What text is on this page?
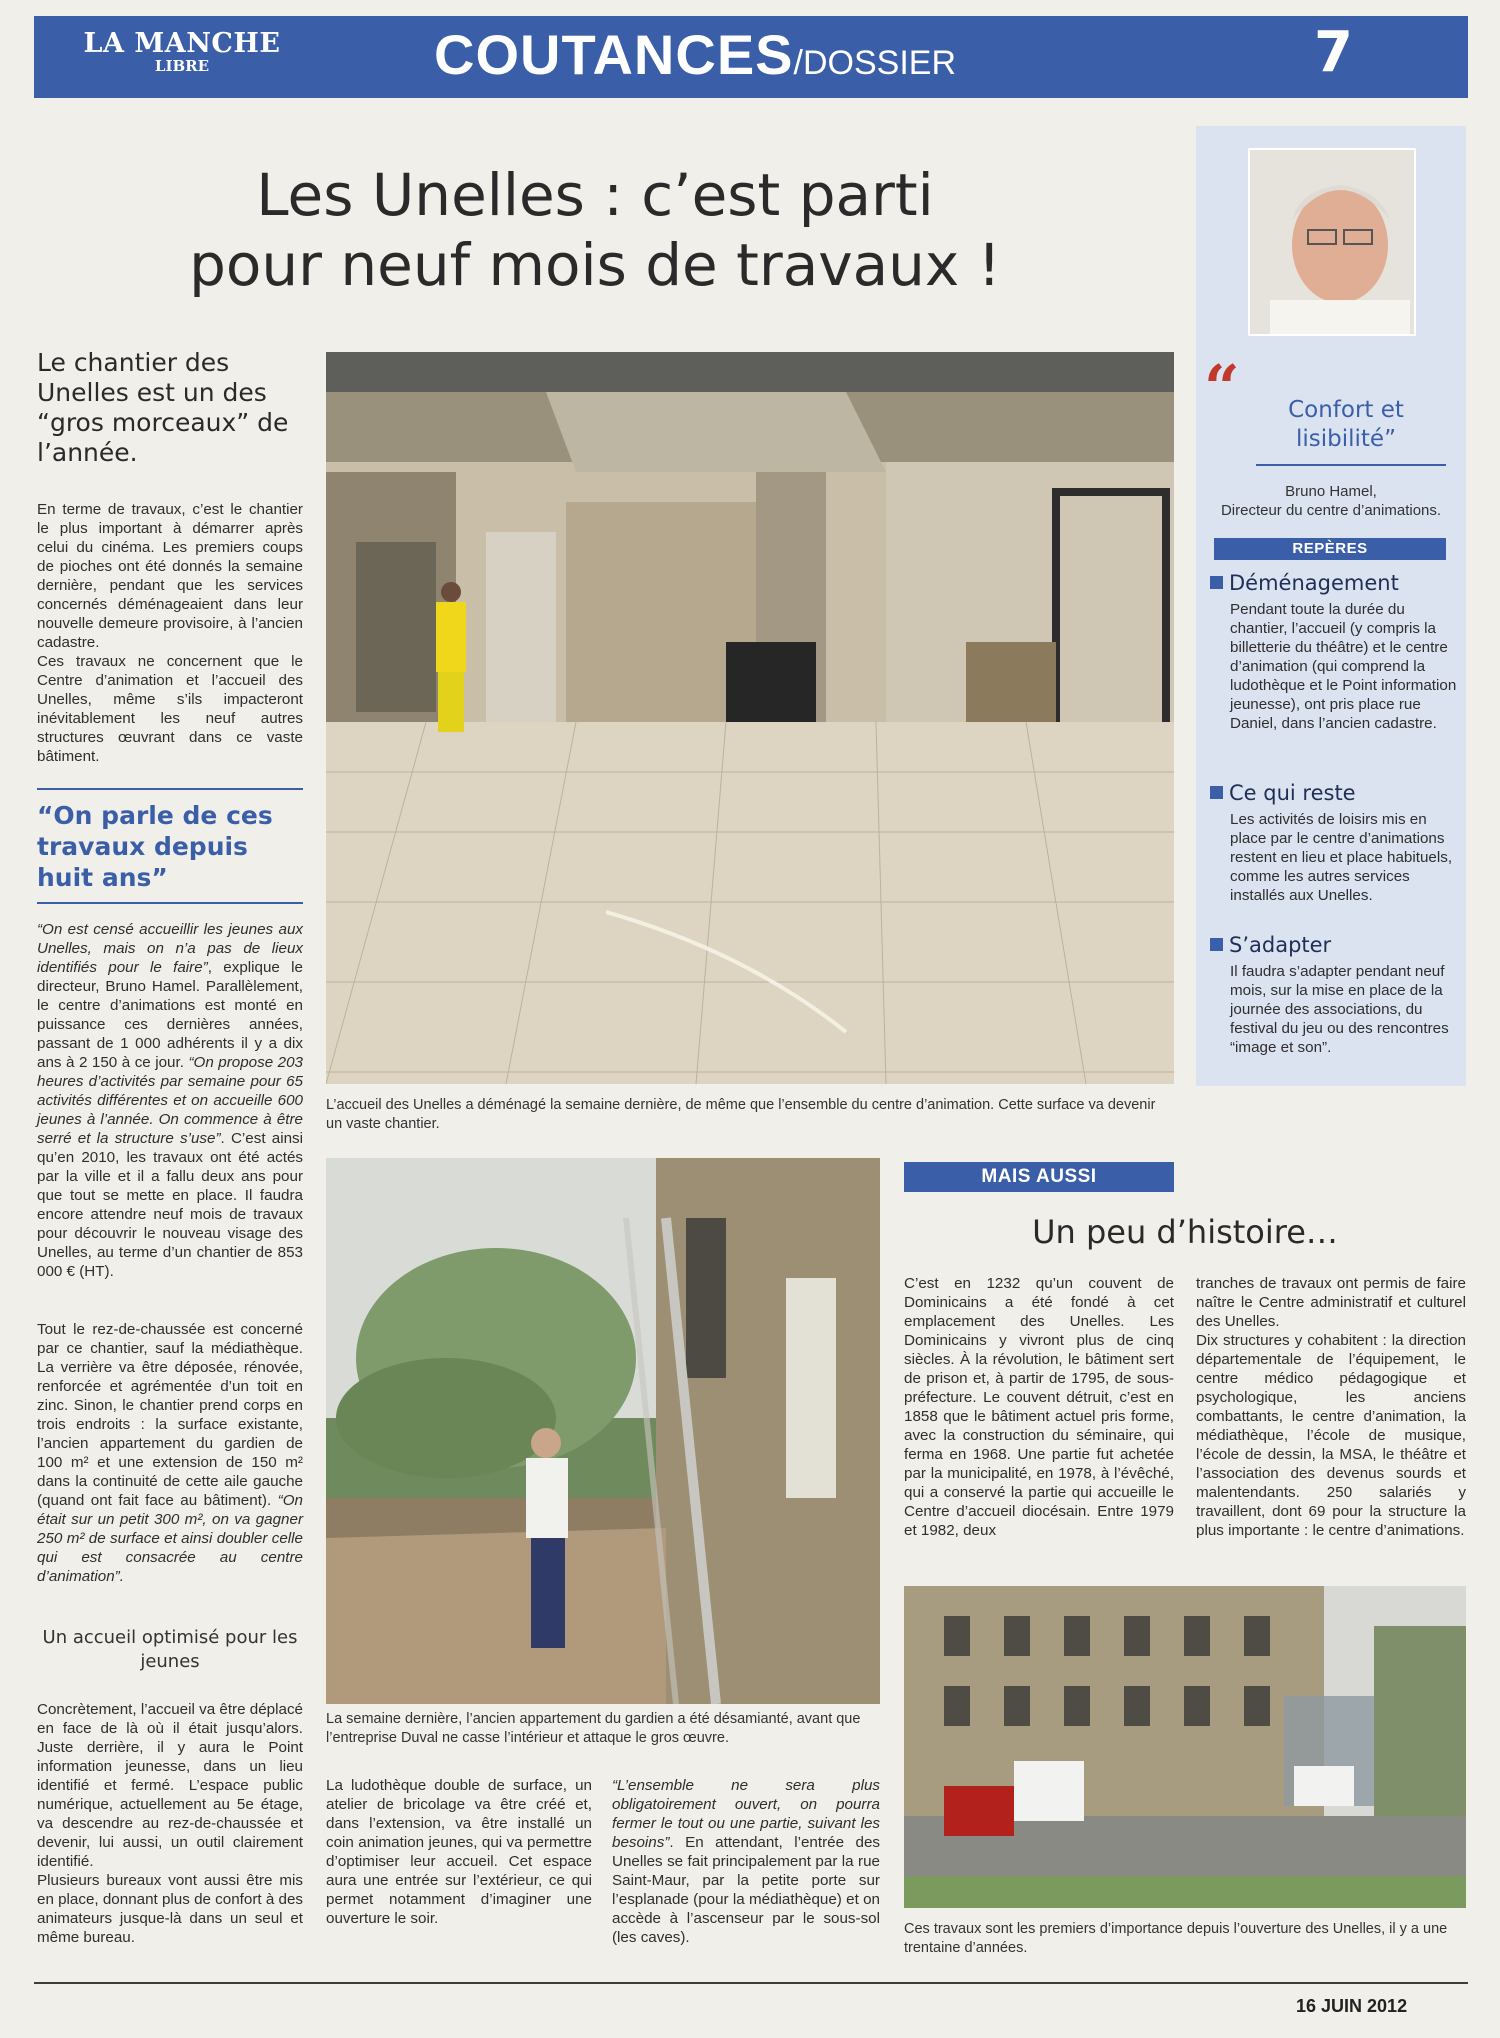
LA MANCHE
LIBRE	COUTANCES/DOSSIER	7
Les Unelles : c’est parti
pour neuf mois de travaux !
Le chantier des Unelles est un des “gros morceaux” de l’année.

En terme de travaux, c’est le chantier le plus important à démarrer après celui du cinéma. Les premiers coups de pioches ont été donnés la semaine dernière, pendant que les services concernés déménageaient dans leur nouvelle demeure provisoire, à l’ancien cadastre.

Ces travaux ne concernent que le Centre d’animation et l’accueil des Unelles, même s’ils impacteront inévitablement les neuf autres structures œuvrant dans ce vaste bâtiment.

“On parle de ces travaux depuis huit ans”
“On est censé accueillir les jeunes aux Unelles, mais on n’a pas de lieux identifiés pour le faire”, explique le directeur, Bruno Hamel. Parallèlement, le centre d’animations est monté en puissance ces dernières années, passant de 1 000 adhérents il y a dix ans à 2 150 à ce jour. “On propose 203 heures d’activités par semaine pour 65 activités différentes et on accueille 600 jeunes à l’année. On commence à être serré et la structure s’use”. C’est ainsi qu’en 2010, les travaux ont été actés par la ville et il a fallu deux ans pour que tout se mette en place. Il faudra encore attendre neuf mois de travaux pour découvrir le nouveau visage des Unelles, au terme d’un chantier de 853 000 € (HT).
Tout le rez-de-chaussée est concerné par ce chantier, sauf la médiathèque. La verrière va être déposée, rénovée, renforcée et agrémentée d’un toit en zinc. Sinon, le chantier prend corps en trois endroits : la surface existante, l’ancien appartement du gardien de 100 m² et une extension de 150 m² dans la continuité de cette aile gauche (quand ont fait face au bâtiment). “On était sur un petit 300 m², on va gagner 250 m² de surface et ainsi doubler celle qui est consacrée au centre d’animation”.
Un accueil optimisé pour les jeunes

Concrètement, l’accueil va être déplacé en face de là où il était jusqu’alors. Juste derrière, il y aura le Point information jeunesse, dans un lieu identifié et fermé. L’espace public numérique, actuellement au 5e étage, va descendre au rez-de-chaussée et devenir, lui aussi, un outil clairement identifié.

Plusieurs bureaux vont aussi être mis en place, donnant plus de confort à des animateurs jusque-là dans un seul et même bureau.

L’accueil des Unelles a déménagé la semaine dernière, de même que l’ensemble du centre d’animation. Cette surface va devenir un vaste chantier.
La semaine dernière, l’ancien appartement du gardien a été désamianté, avant que l’entreprise Duval ne casse l’intérieur et attaque le gros œuvre.
La ludothèque double de surface, un atelier de bricolage va être créé et, dans l’extension, va être installé un coin animation jeunes, qui va permettre d’optimiser leur accueil. Cet espace aura une entrée sur l’extérieur, ce qui permet notamment d’imaginer une ouverture le soir.
“L’ensemble ne sera plus obligatoirement ouvert, on pourra fermer le tout ou une partie, suivant les besoins”. En attendant, l’entrée des Unelles se fait principalement par la rue Saint-Maur, par la petite porte sur l’esplanade (pour la médiathèque) et on accède à l’ascenseur par le sous-sol (les caves).
“	Confort et lisibilité”
Bruno Hamel,
Directeur du centre d’animations.
REPÈRES
Déménagement
Pendant toute la durée du chantier, l’accueil (y compris la billetterie du théâtre) et le centre d’animation (qui comprend la ludothèque et le Point information jeunesse), ont pris place rue Daniel, dans l’ancien cadastre.
Ce qui reste
Les activités de loisirs mis en place par le centre d’animations restent en lieu et place habituels, comme les autres services installés aux Unelles.
S’adapter
Il faudra s’adapter pendant neuf mois, sur la mise en place de la journée des associations, du festival du jeu ou des rencontres “image et son”.
MAIS AUSSI
Un peu d’histoire…
C’est en 1232 qu’un couvent de Dominicains a été fondé à cet emplacement des Unelles. Les Dominicains y vivront plus de cinq siècles. À la révolution, le bâtiment sert de prison et, à partir de 1795, de sous-préfecture. Le couvent détruit, c’est en 1858 que le bâtiment actuel pris forme, avec la construction du séminaire, qui ferma en 1968. Une partie fut achetée par la municipalité, en 1978, à l’évêché, qui a conservé la partie qui accueille le Centre d’accueil diocésain. Entre 1979 et 1982, deux

tranches de travaux ont permis de faire naître le Centre administratif et culturel des Unelles.

Dix structures y cohabitent : la direction départementale de l’équipement, le centre médico pédagogique et psychologique, les anciens combattants, le centre d’animation, la médiathèque, l’école de musique, l’école de dessin, la MSA, le théâtre et l’association des devenus sourds et malentendants. 250 salariés y travaillent, dont 69 pour la structure la plus importante : le centre d’animations.

Ces travaux sont les premiers d’importance depuis l’ouverture des Unelles, il y a une trentaine d’années.
16 JUIN 2012
